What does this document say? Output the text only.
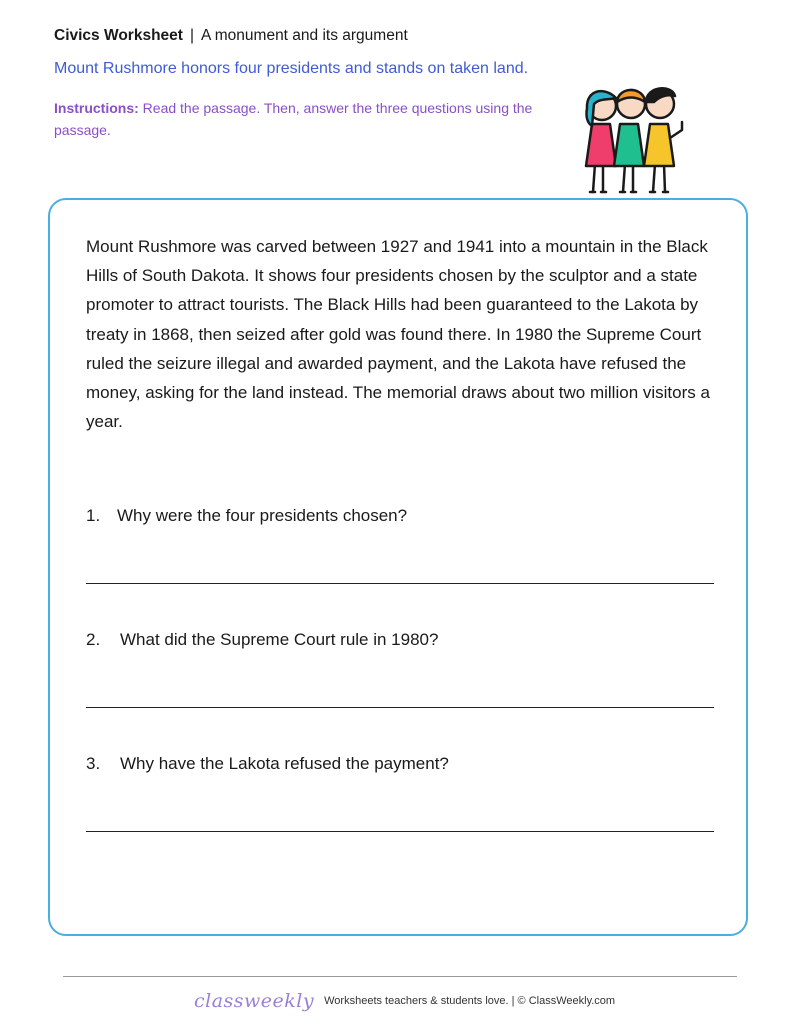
Civics Worksheet | A monument and its argument
Mount Rushmore honors four presidents and stands on taken land.
Instructions: Read the passage. Then, answer the three questions using the passage.
Mount Rushmore was carved between 1927 and 1941 into a mountain in the Black Hills of South Dakota. It shows four presidents chosen by the sculptor and a state promoter to attract tourists. The Black Hills had been guaranteed to the Lakota by treaty in 1868, then seized after gold was found there. In 1980 the Supreme Court ruled the seizure illegal and awarded payment, and the Lakota have refused the money, asking for the land instead. The memorial draws about two million visitors a year.
1. Why were the four presidents chosen?
2. What did the Supreme Court rule in 1980?
3. Why have the Lakota refused the payment?
classweekly Worksheets teachers & students love. | © ClassWeekly.com
